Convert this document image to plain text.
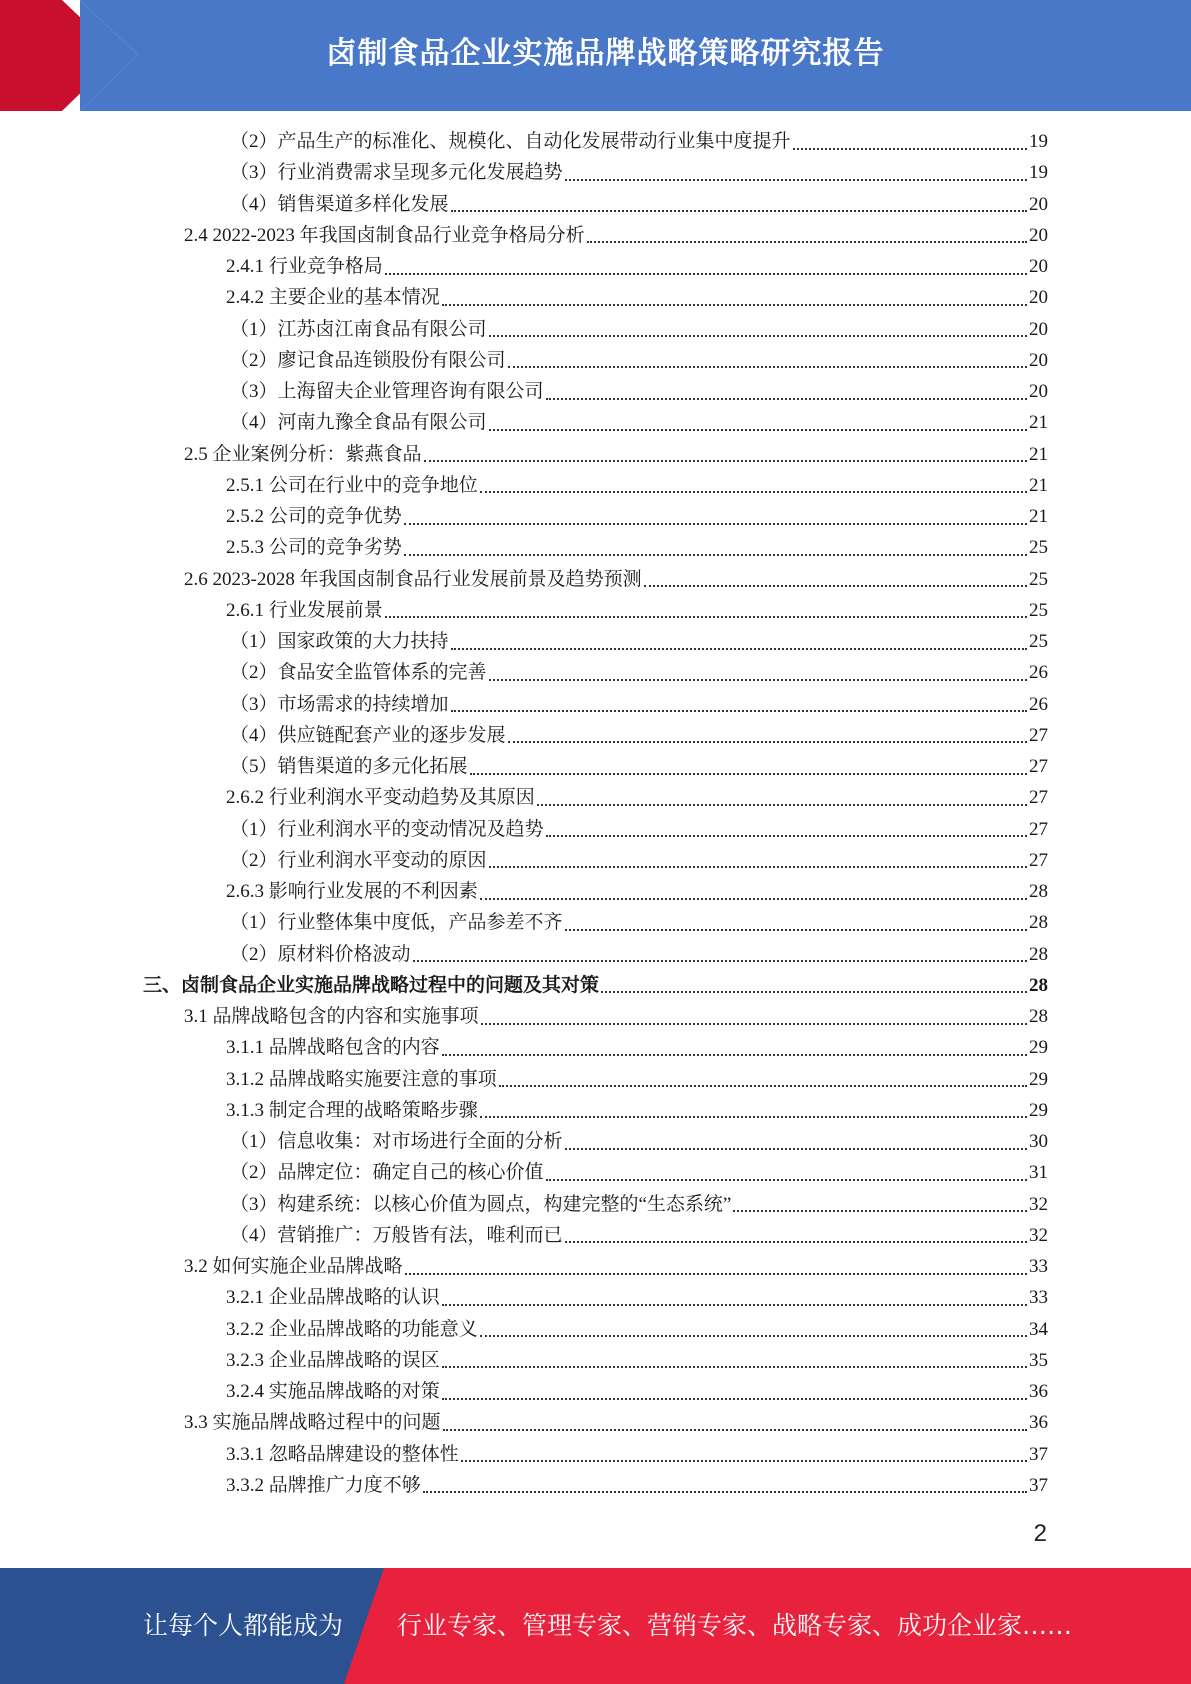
卤制食品企业实施品牌战略策略研究报告
（2）产品生产的标准化、规模化、自动化发展带动行业集中度提升	19
（3）行业消费需求呈现多元化发展趋势	19
（4）销售渠道多样化发展	20
2.4 2022-2023 年我国卤制食品行业竞争格局分析	20
2.4.1 行业竞争格局	20
2.4.2 主要企业的基本情况	20
（1）江苏卤江南食品有限公司	20
（2）廖记食品连锁股份有限公司	20
（3）上海留夫企业管理咨询有限公司	20
（4）河南九豫全食品有限公司	21
2.5 企业案例分析：紫燕食品	21
2.5.1 公司在行业中的竞争地位	21
2.5.2 公司的竞争优势	21
2.5.3 公司的竞争劣势	25
2.6 2023-2028 年我国卤制食品行业发展前景及趋势预测	25
2.6.1 行业发展前景	25
（1）国家政策的大力扶持	25
（2）食品安全监管体系的完善	26
（3）市场需求的持续增加	26
（4）供应链配套产业的逐步发展	27
（5）销售渠道的多元化拓展	27
2.6.2 行业利润水平变动趋势及其原因	27
（1）行业利润水平的变动情况及趋势	27
（2）行业利润水平变动的原因	27
2.6.3 影响行业发展的不利因素	28
（1）行业整体集中度低，产品参差不齐	28
（2）原材料价格波动	28
三、卤制食品企业实施品牌战略过程中的问题及其对策	28
3.1 品牌战略包含的内容和实施事项	28
3.1.1 品牌战略包含的内容	29
3.1.2 品牌战略实施要注意的事项	29
3.1.3 制定合理的战略策略步骤	29
（1）信息收集：对市场进行全面的分析	30
（2）品牌定位：确定自己的核心价值	31
（3）构建系统：以核心价值为圆点，构建完整的“生态系统”	32
（4）营销推广：万般皆有法，唯利而已	32
3.2 如何实施企业品牌战略	33
3.2.1 企业品牌战略的认识	33
3.2.2 企业品牌战略的功能意义	34
3.2.3 企业品牌战略的误区	35
3.2.4 实施品牌战略的对策	36
3.3 实施品牌战略过程中的问题	36
3.3.1 忽略品牌建设的整体性	37
3.3.2 品牌推广力度不够	37
2
让每个人都能成为 行业专家、管理专家、营销专家、战略专家、成功企业家……
